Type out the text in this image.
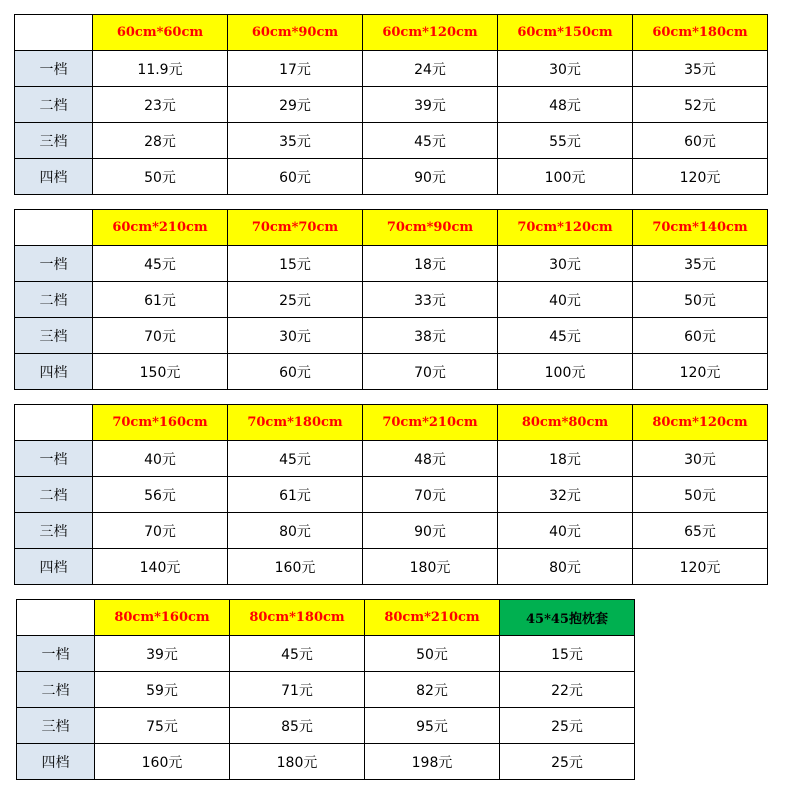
	60cm*60cm	60cm*90cm	60cm*120cm	60cm*150cm	60cm*180cm
一档	11.9元	17元	24元	30元	35元
二档	23元	29元	39元	48元	52元
三档	28元	35元	45元	55元	60元
四档	50元	60元	90元	100元	120元
	60cm*210cm	70cm*70cm	70cm*90cm	70cm*120cm	70cm*140cm
一档	45元	15元	18元	30元	35元
二档	61元	25元	33元	40元	50元
三档	70元	30元	38元	45元	60元
四档	150元	60元	70元	100元	120元
	70cm*160cm	70cm*180cm	70cm*210cm	80cm*80cm	80cm*120cm
一档	40元	45元	48元	18元	30元
二档	56元	61元	70元	32元	50元
三档	70元	80元	90元	40元	65元
四档	140元	160元	180元	80元	120元
	80cm*160cm	80cm*180cm	80cm*210cm	45*45抱枕套
一档	39元	45元	50元	15元
二档	59元	71元	82元	22元
三档	75元	85元	95元	25元
四档	160元	180元	198元	25元
